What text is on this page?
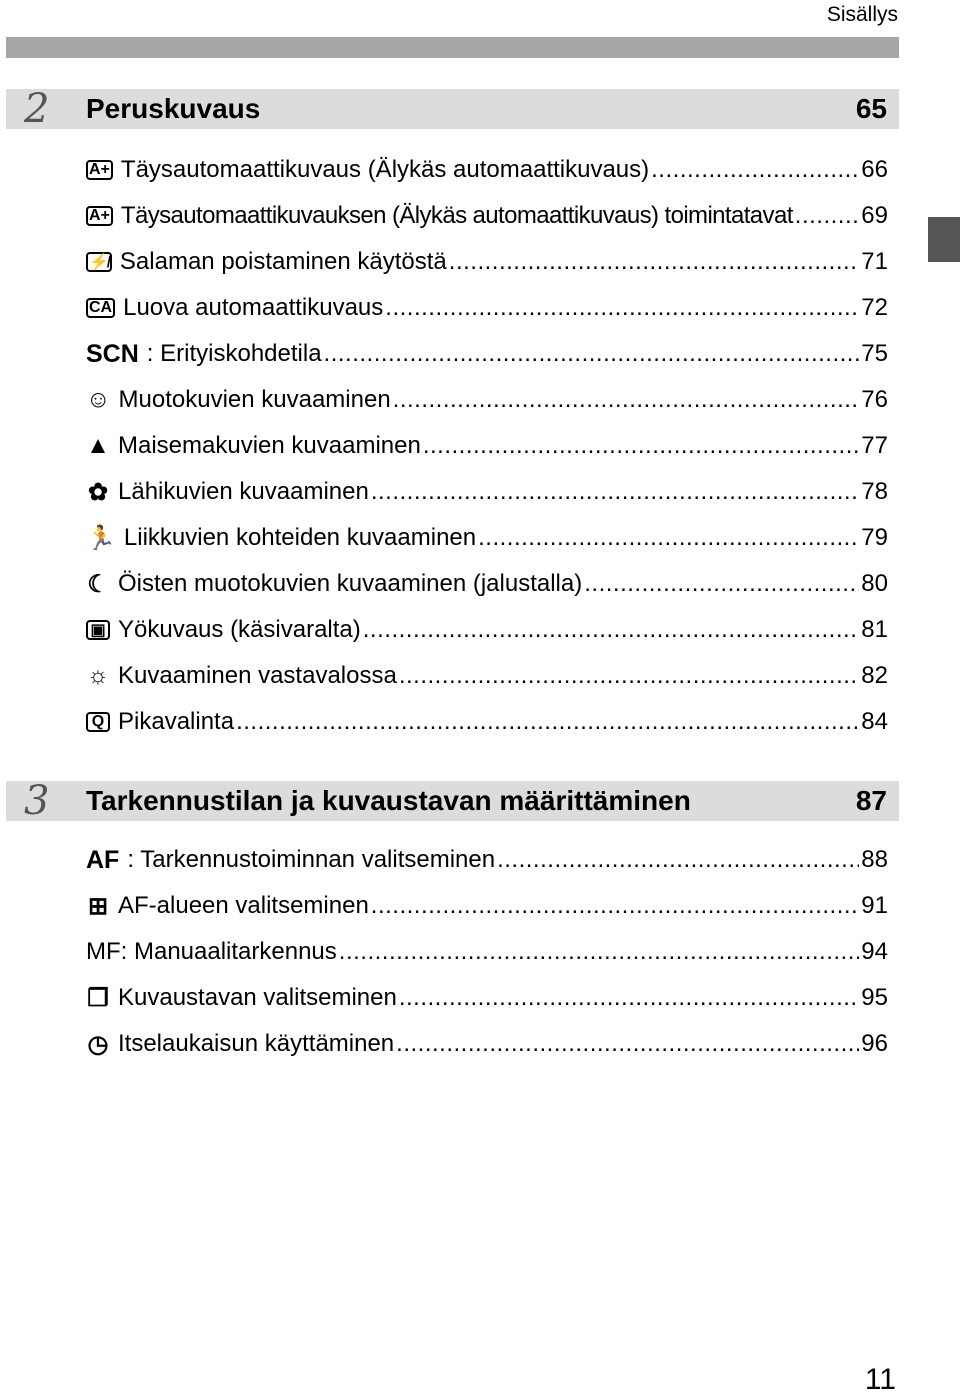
Sisällys
2 Peruskuvaus	65
A+ Täysautomaattikuvaus (Älykäs automaattikuvaus) .....	66
A+ Täysautomaattikuvauksen (Älykäs automaattikuvaus) toimintatavat .....	69
⚡̸ Salaman poistaminen käytöstä .....	71
CA Luova automaattikuvaus .....	72
SCN : Erityiskohdetila .....	75
☺ Muotokuvien kuvaaminen .....	76
▲ Maisemakuvien kuvaaminen .....	77
✿ Lähikuvien kuvaaminen .....	78
🏃 Liikkuvien kohteiden kuvaaminen .....	79
☾ Öisten muotokuvien kuvaaminen (jalustalla) .....	80
▣ Yökuvaus (käsivaralta) .....	81
☼ Kuvaaminen vastavalossa .....	82
Q Pikavalinta .....	84
3 Tarkennustilan ja kuvaustavan määrittäminen	87
AF : Tarkennustoiminnan valitseminen .....	88
⊞ AF-alueen valitseminen .....	91
MF: Manuaalitarkennus .....	94
❐ Kuvaustavan valitseminen .....	95
◷ Itselaukaisun käyttäminen .....	96
11
